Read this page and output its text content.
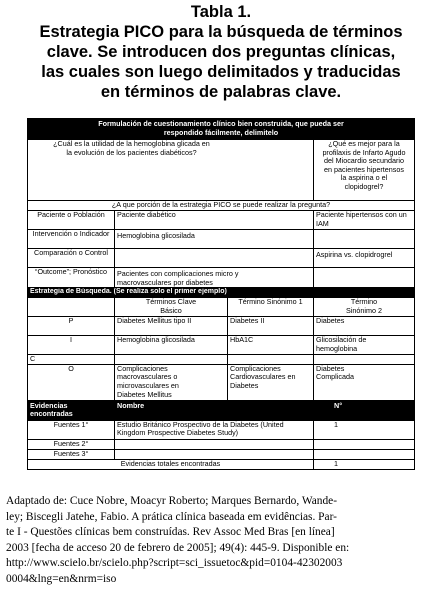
Tabla 1.
Estrategia PICO para la búsqueda de términos
clave. Se introducen dos preguntas clínicas,
las cuales son luego delimitados y traducidas
en términos de palabras clave.
Formulación de cuestionamiento clínico bien construida, que pueda ser
respondido fácilmente, delimitelo			

¿Cuál es la utilidad de la hemoglobina glicada en la evolución de los pacientes diabéticos?			¿Qué es mejor para la profilaxis de Infarto Agudo del Miocardio secundario en pacientes hipertensos la aspirina o el clopidogrel?
¿A que porción de la estrategia PICO se puede realizar la pregunta?			
Paciente o Población	Paciente diabético		Paciente hipertensos con un IAM
Intervención o Indicador	Hemoglobina glicosilada		
Comparación o Control			Aspirina vs. clopidrogrel
“Outcome”; Pronóstico	Pacientes con complicaciones micro y macrovasculares por diabetes		
Estrategia de Búsqueda. (Se realiza solo el primer ejemplo)			
	Términos Clave Básico	Término Sinónimo 1	Término Sinónimo 2
P	Diabetes Mellitus tipo II	Diabetes II	Diabetes
I	Hemoglobina glicosilada	HbA1C	Glicosilación de hemoglobina
C			
O	Complicaciones macrovasculares o microvasculares en Diabetes Mellitus	Complicaciones Cardiovasculares en Diabetes	Diabetes Complicada
Evidencias encontradas	Nombre		N°
Fuentes 1°	Estudio Británico Prospectivo de la Diabetes (United Kingdom Prospective Diabetes Study)		1
Fuentes 2°			
Fuentes 3°			
Evidencias totales encontradas			1
Adaptado de: Cuce Nobre, Moacyr Roberto; Marques Bernardo, Wande-
ley; Biscegli Jatehe, Fabio. A prática clínica baseada em evidências. Par-
te I - Questões clínicas bem construídas. Rev Assoc Med Bras [en línea]
2003 [fecha de acceso 20 de febrero de 2005]; 49(4): 445-9. Disponible en:
http://www.scielo.br/scielo.php?script=sci_issuetoc&pid=0104-42302003
0004&lng=en&nrm=iso
